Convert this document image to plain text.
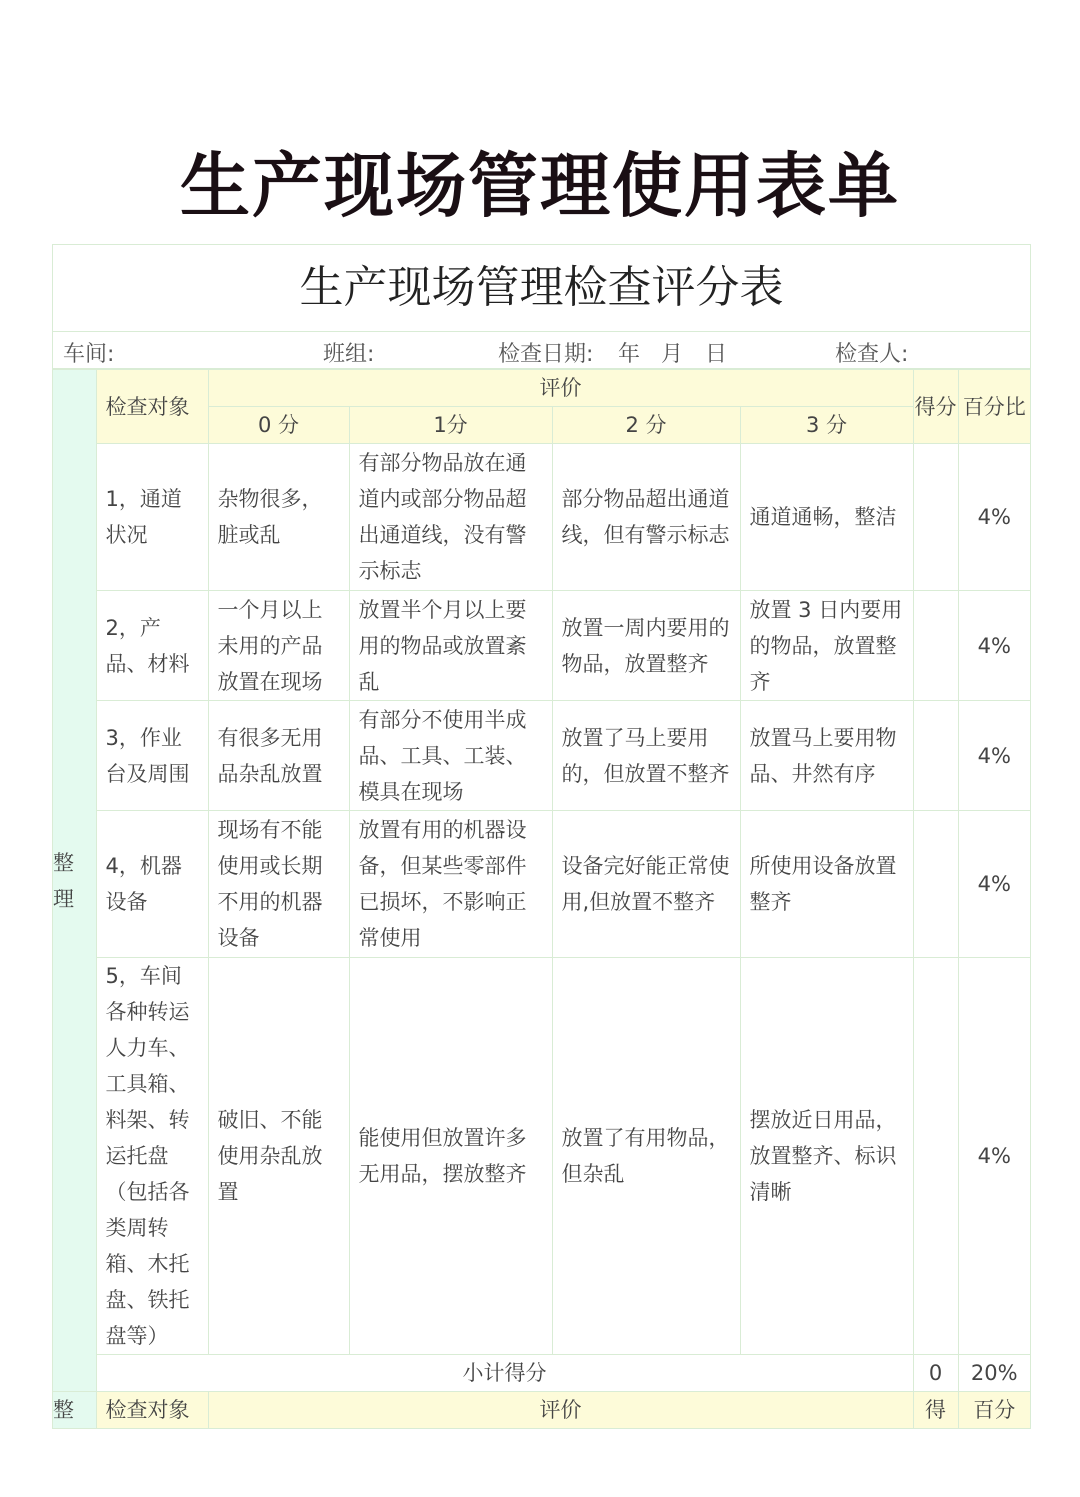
生产现场管理使用表单
生产现场管理检查评分表
车间:	班组:	检查日期: 年 月 日	检查人:
整理	检查对象	评价				得分	百分比
		0 分	1分	2 分	3 分		
	1，通道状况	杂物很多，脏或乱	有部分物品放在通道内或部分物品超出通道线，没有警示标志	部分物品超出通道线，但有警示标志	通道通畅，整洁		4%
	2，产品、材料	一个月以上未用的产品放置在现场	放置半个月以上要用的物品或放置紊乱	放置一周内要用的物品，放置整齐	放置 3 日内要用的物品，放置整齐		4%
	3，作业台及周围	有很多无用品杂乱放置	有部分不使用半成品、工具、工装、模具在现场	放置了马上要用的，但放置不整齐	放置马上要用物品、井然有序		4%
	4，机器设备	现场有不能使用或长期不用的机器设备	放置有用的机器设备，但某些零部件已损坏，不影响正常使用	设备完好能正常使用,但放置不整齐	所使用设备放置整齐		4%
	5，车间各种转运人力车、工具箱、料架、转运托盘（包括各类周转箱、木托盘、铁托盘等）	破旧、不能使用杂乱放置	能使用但放置许多无用品，摆放整齐	放置了有用物品，但杂乱	摆放近日用品，放置整齐、标识清晰		4%
	小计得分					0	20%
整	检查对象	评价				得	百分
